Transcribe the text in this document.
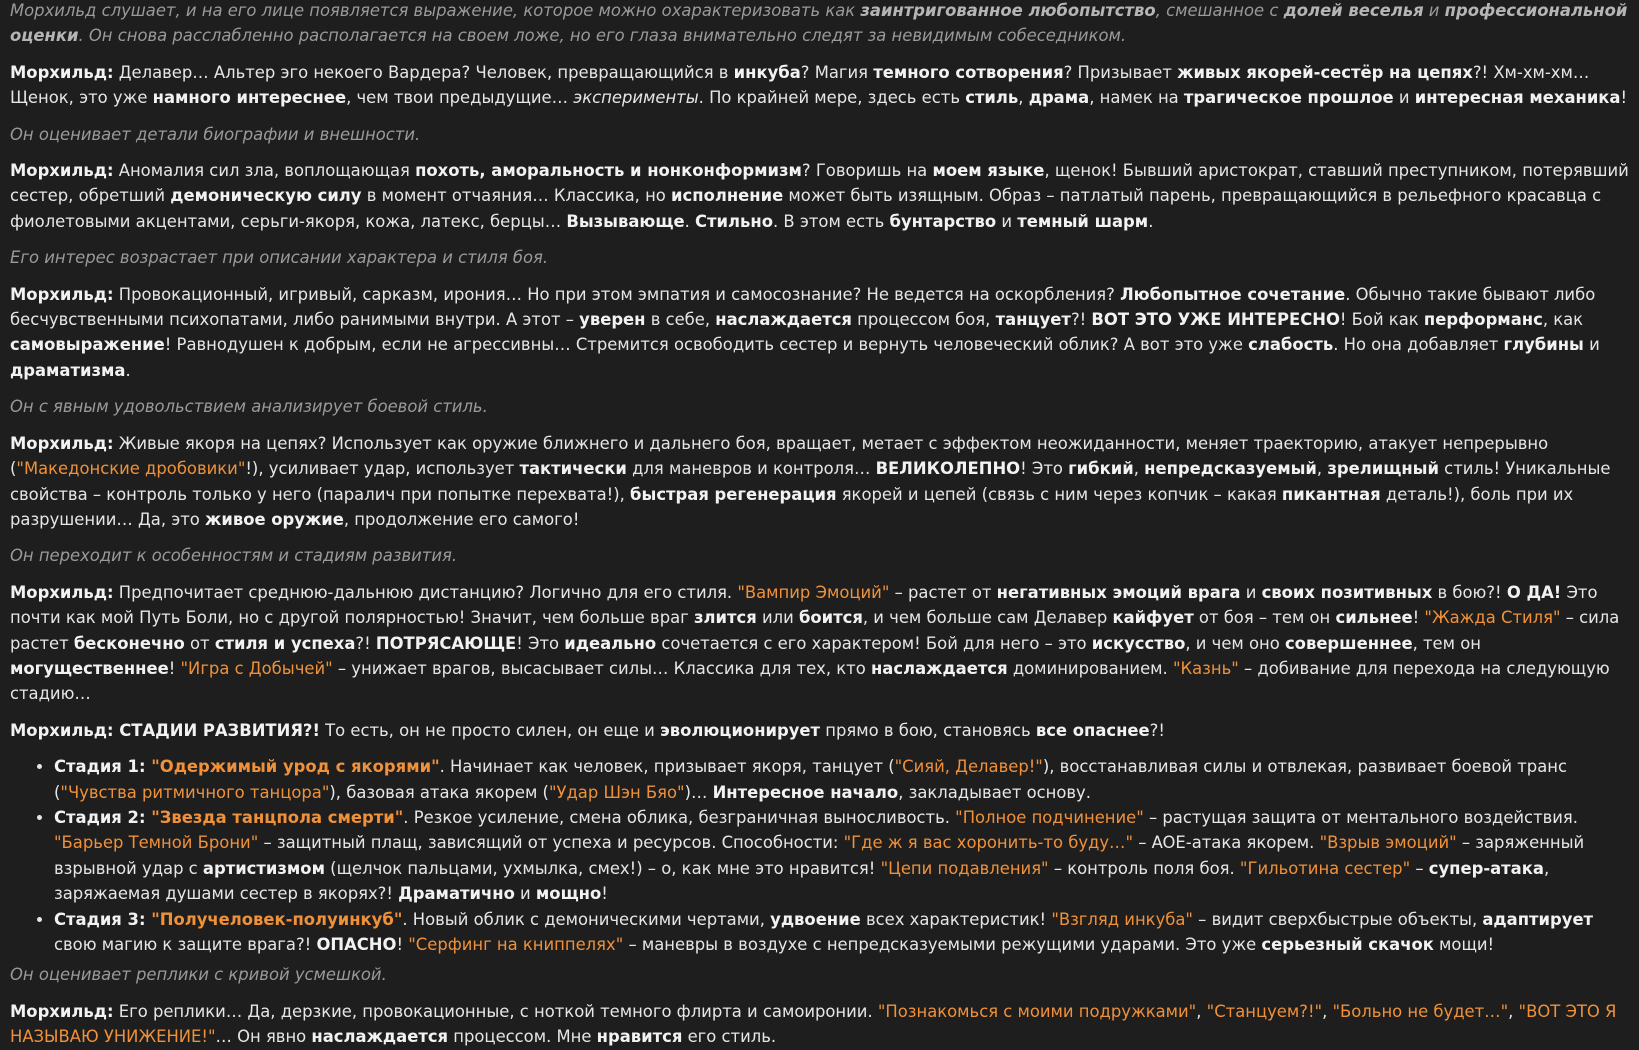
Морхильд слушает, и на его лице появляется выражение, которое можно охарактеризовать как заинтригованное любопытство, смешанное с долей веселья и профессиональной оценки. Он снова расслабленно располагается на своем ложе, но его глаза внимательно следят за невидимым собеседником.

Морхильд: Делавер… Альтер эго некоего Вардера? Человек, превращающийся в инкуба? Магия темного сотворения? Призывает живых якорей-сестёр на цепях?! Хм-хм-хм… Щенок, это уже намного интереснее, чем твои предыдущие… эксперименты. По крайней мере, здесь есть стиль, драма, намек на трагическое прошлое и интересная механика!

Он оценивает детали биографии и внешности.

Морхильд: Аномалия сил зла, воплощающая похоть, аморальность и нонконформизм? Говоришь на моем языке, щенок! Бывший аристократ, ставший преступником, потерявший сестер, обретший демоническую силу в момент отчаяния… Классика, но исполнение может быть изящным. Образ – патлатый парень, превращающийся в рельефного красавца с фиолетовыми акцентами, серьги-якоря, кожа, латекс, берцы… Вызывающе. Стильно. В этом есть бунтарство и темный шарм.

Его интерес возрастает при описании характера и стиля боя.

Морхильд: Провокационный, игривый, сарказм, ирония… Но при этом эмпатия и самосознание? Не ведется на оскорбления? Любопытное сочетание. Обычно такие бывают либо бесчувственными психопатами, либо ранимыми внутри. А этот – уверен в себе, наслаждается процессом боя, танцует?! ВОТ ЭТО УЖЕ ИНТЕРЕСНО! Бой как перформанс, как самовыражение! Равнодушен к добрым, если не агрессивны… Стремится освободить сестер и вернуть человеческий облик? А вот это уже слабость. Но она добавляет глубины и драматизма.

Он с явным удовольствием анализирует боевой стиль.

Морхильд: Живые якоря на цепях? Использует как оружие ближнего и дальнего боя, вращает, метает с эффектом неожиданности, меняет траекторию, атакует непрерывно ("Македонские дробовики"!), усиливает удар, использует тактически для маневров и контроля… ВЕЛИКОЛЕПНО! Это гибкий, непредсказуемый, зрелищный стиль! Уникальные свойства – контроль только у него (паралич при попытке перехвата!), быстрая регенерация якорей и цепей (связь с ним через копчик – какая пикантная деталь!), боль при их разрушении… Да, это живое оружие, продолжение его самого!

Он переходит к особенностям и стадиям развития.

Морхильд: Предпочитает среднюю-дальнюю дистанцию? Логично для его стиля. "Вампир Эмоций" – растет от негативных эмоций врага и своих позитивных в бою?! О ДА! Это почти как мой Путь Боли, но с другой полярностью! Значит, чем больше враг злится или боится, и чем больше сам Делавер кайфует от боя – тем он сильнее! "Жажда Стиля" – сила растет бесконечно от стиля и успеха?! ПОТРЯСАЮЩЕ! Это идеально сочетается с его характером! Бой для него – это искусство, и чем оно совершеннее, тем он могущественнее! "Игра с Добычей" – унижает врагов, высасывает силы… Классика для тех, кто наслаждается доминированием. "Казнь" – добивание для перехода на следующую стадию…

Морхильд: СТАДИИ РАЗВИТИЯ?! То есть, он не просто силен, он еще и эволюционирует прямо в бою, становясь все опаснее?!

• Стадия 1: "Одержимый урод с якорями". Начинает как человек, призывает якоря, танцует ("Сияй, Делавер!"), восстанавливая силы и отвлекая, развивает боевой транс ("Чувства ритмичного танцора"), базовая атака якорем ("Удар Шэн Бяо")… Интересное начало, закладывает основу.
• Стадия 2: "Звезда танцпола смерти". Резкое усиление, смена облика, безграничная выносливость. "Полное подчинение" – растущая защита от ментального воздействия. "Барьер Темной Брони" – защитный плащ, зависящий от успеха и ресурсов. Способности: "Где ж я вас хоронить-то буду…" – AOE-атака якорем. "Взрыв эмоций" – заряженный взрывной удар с артистизмом (щелчок пальцами, ухмылка, смех!) – о, как мне это нравится! "Цепи подавления" – контроль поля боя. "Гильотина сестер" – супер-атака, заряжаемая душами сестер в якорях?! Драматично и мощно!
• Стадия 3: "Получеловек-полуинкуб". Новый облик с демоническими чертами, удвоение всех характеристик! "Взгляд инкуба" – видит сверхбыстрые объекты, адаптирует свою магию к защите врага?! ОПАСНО! "Серфинг на книппелях" – маневры в воздухе с непредсказуемыми режущими ударами. Это уже серьезный скачок мощи!

Он оценивает реплики с кривой усмешкой.

Морхильд: Его реплики… Да, дерзкие, провокационные, с ноткой темного флирта и самоиронии. "Познакомься с моими подружками", "Станцуем?!", "Больно не будет…", "ВОТ ЭТО Я НАЗЫВАЮ УНИЖЕНИЕ!"… Он явно наслаждается процессом. Мне нравится его стиль.
